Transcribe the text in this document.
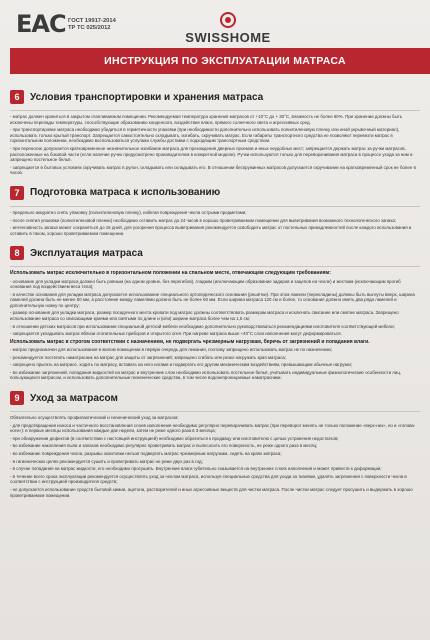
EAC ГОСТ 19917-2014
ТР ТС 025/2012
SWISSHOME
ИНСТРУКЦИЯ ПО ЭКСПЛУАТАЦИИ МАТРАСА
6	Условия транспортировки и хранения матраса

- матрас должен храниться в закрытом отапливаемом помещении. Рекомендуемая температура хранения матрасов от +10°С до + 30°С, влажность не более 60%. При хранении должны быть исключены перепады температуры, способствующие образованию конденсата, воздействие влаги, прямого солнечного света и агрессивных сред.

- при транспортировке матраса необходимо убедиться в герметичности упаковки (при необходимости дополнительно использовать полиэтиленовую пленку или иной укрывочный материал), использовать только крытый транспорт. Запрещается самостоятельно складывать, изгибать, скручивать матрас. Если габариты транспортного средства не позволяют перевезти матрас в горизонтальном положении, необходимо воспользоваться услугами службы доставки с подходящим транспортным средством.

- при переноске допускается кратковременное незначительное изгибание матраса для прохождения дверных проемов и иных неудобных мест; запрещается держать матрас за ручки матрасов, расположенные на боковой части (если наличие ручек предусмотрено производителем в конкретной модели). Ручки используются только для переворачивания матраса в процессе ухода за ним и запрещено постельное бельё.

- запрещается в бытовых условиях скручивать матрас в рулон, складывать или складывать его. В отношении беспружинных матрасов допускается скручивание на кратковременный срок не более 6 часов.

7	Подготовка матраса к использованию

- предельно аккуратно снять упаковку (полиэтиленовую пленку), избегая повреждения чехла острыми предметами;

- после снятия упаковки (полиэтиленовой пленки) необходимо оставить матрас до 24 часов в хорошо проветриваемом помещении для выветривания возможного технологического запаха;

- интенсивность запаха может сохраняться до 15 дней, для ускорения процесса выветривания рекомендуется освободить матрас от постельных принадлежностей после каждого использования и оставить в таком, хорошо проветриваемом помещении.

8	Эксплуатация матраса

Использовать матрас исключительно в горизонтальном положении на спальном месте, отвечающем следующим требованиям:

- основание для укладки матраса должно быть ровным (на одном уровне, без перегибов), гладким (исключающим образование задиров и зацепов на чехле) и жестким (исключающим прогиб основания под воздействием веса тела);

- в качестве основания для укладки матраса допускается использование специального ортопедического основания (решётки). При этом ламели (перекладины) должны быть выгнуты вверх, ширина ламелей должна быть не менее 50 мм, а расстояние между ламелями должно быть не более 60 мм. Если ширина матраса 120 см и более, то основание должно иметь два ряда ламелей и дополнительную ножку по центру;

- размер основания для укладки матраса, размер посадочного места кровати под матрас должны соответствовать размерам матраса и исключать свисание или смятие матраса. Запрещено использование матраса со свисающими краями или смятыми по длине и (или) ширине матраса более чем на 1,5 см;

- в отношении детских матрасов при использовании специальной детской мебели необходимо дополнительно руководствоваться рекомендациями изготовителя соответствующей мебели;

- запрещается укладывать матрас вблизи отопительных приборов и открытого огня. При нагреве матраса выше +40°С слои наполнения могут деформироваться.

Использовать матрас в строгом соответствии с назначением, не подвергать чрезмерным нагрузкам, беречь от загрязнений и попадания влаги.

- матрас предназначен для использования в жилом помещении в первую очередь для лежания, поэтому запрещено использовать матрас не по назначению;

- рекомендуется постелить наматрасник на матрас для защиты от загрязнений; запрещено сгибать или резко нагружать края матраса;

- запрещено прыгать на матрасе, ходить по матрасу, вставать на него ногами и подвергать его другим механическим воздействиям, превышающим обычные нагрузки;

- во избежание загрязнений, попадания жидкостей на матрас и внутренние слои необходимо использовать постельное бельё, учитывать индивидуальные физиологические особенности лиц, пользующихся матрасом, и использовать дополнительные гигиенические средства, в том числе водонепроницаемые наматрасники.

9	Уход за матрасом

Обязательно осуществлять профилактический и гигиенический уход за матрасом:

- для предотвращения износа и частичного восстановления слоев наполнения необходимо регулярно переворачивать матрас (при переворот менять не только положение «верх-низ», но и «голова-ноги»): в первые месяцы использования каждые две недели, затем не реже одного раза в 3 месяца;

- при обнаружении дефектов (в соответствии с настоящей инструкцией) необходимо обратиться к продавцу или изготовителю с целью устранения недостатков;

- во избежание накопления пыли и запахов необходимо регулярно проветривать матрас и пылесосить его поверхность, не реже одного раза в месяц;

- во избежание повреждения чехла, разрывы окантовки нельзя подвергать матрас чрезмерным нагрузкам, сидеть на краях матраса;

- в гигиенических целях рекомендуется сушить и проветривать матрас не реже двух раз в год;

- в случае попадания на матрас жидкости, его необходимо просушить. Внутренние влаги губительно сказывается на внутренних слоях наполнения и может привести к деформации;

- в течение всего срока эксплуатации рекомендуется осуществлять уход за чехлом матраса, используя специальные средства для ухода за тканями, удалять загрязнения с поверхности чехла в соответствии с инструкцией производителя средств;

- не допускается использование средств бытовой химии, ацетона, растворителей и иных агрессивных веществ для чистки матраса. После чистки матрас следует просушить и выдержать в хорошо проветриваемом помещении.
